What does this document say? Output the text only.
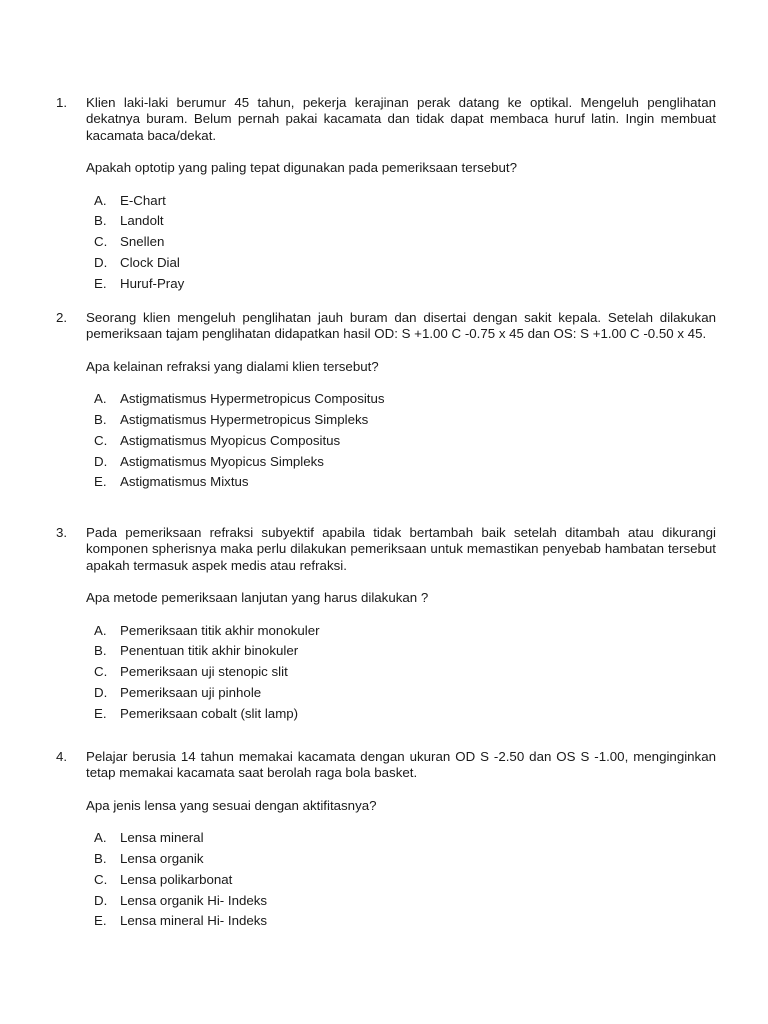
1.	Klien laki-laki berumur 45 tahun, pekerja kerajinan perak datang ke optikal. Mengeluh penglihatan dekatnya buram. Belum pernah pakai kacamata dan tidak dapat membaca huruf latin. Ingin membuat kacamata baca/dekat.

Apakah optotip yang paling tepat digunakan pada pemeriksaan tersebut?

A. E-Chart
B. Landolt
C. Snellen
D. Clock Dial
E. Huruf-Pray
2.	Seorang klien mengeluh penglihatan jauh buram dan disertai dengan sakit kepala. Setelah dilakukan pemeriksaan tajam penglihatan didapatkan hasil OD: S +1.00 C -0.75 x 45 dan OS: S +1.00 C -0.50 x 45.

Apa kelainan refraksi yang dialami klien tersebut?

A. Astigmatismus Hypermetropicus Compositus
B. Astigmatismus Hypermetropicus Simpleks
C. Astigmatismus Myopicus Compositus
D. Astigmatismus Myopicus Simpleks
E. Astigmatismus Mixtus
3.	Pada pemeriksaan refraksi subyektif apabila tidak bertambah baik setelah ditambah atau dikurangi komponen spherisnya maka perlu dilakukan pemeriksaan untuk memastikan penyebab hambatan tersebut apakah termasuk aspek medis atau refraksi.

Apa metode pemeriksaan lanjutan yang harus dilakukan ?

A. Pemeriksaan titik akhir monokuler
B. Penentuan titik akhir binokuler
C. Pemeriksaan uji stenopic slit
D. Pemeriksaan uji pinhole
E. Pemeriksaan cobalt (slit lamp)
4.	Pelajar berusia 14 tahun memakai kacamata dengan ukuran OD S -2.50 dan OS S -1.00, menginginkan tetap memakai kacamata saat berolah raga bola basket.

Apa jenis lensa yang sesuai dengan aktifitasnya?

A. Lensa mineral
B. Lensa organik
C. Lensa polikarbonat
D. Lensa organik Hi- Indeks
E. Lensa mineral Hi- Indeks
